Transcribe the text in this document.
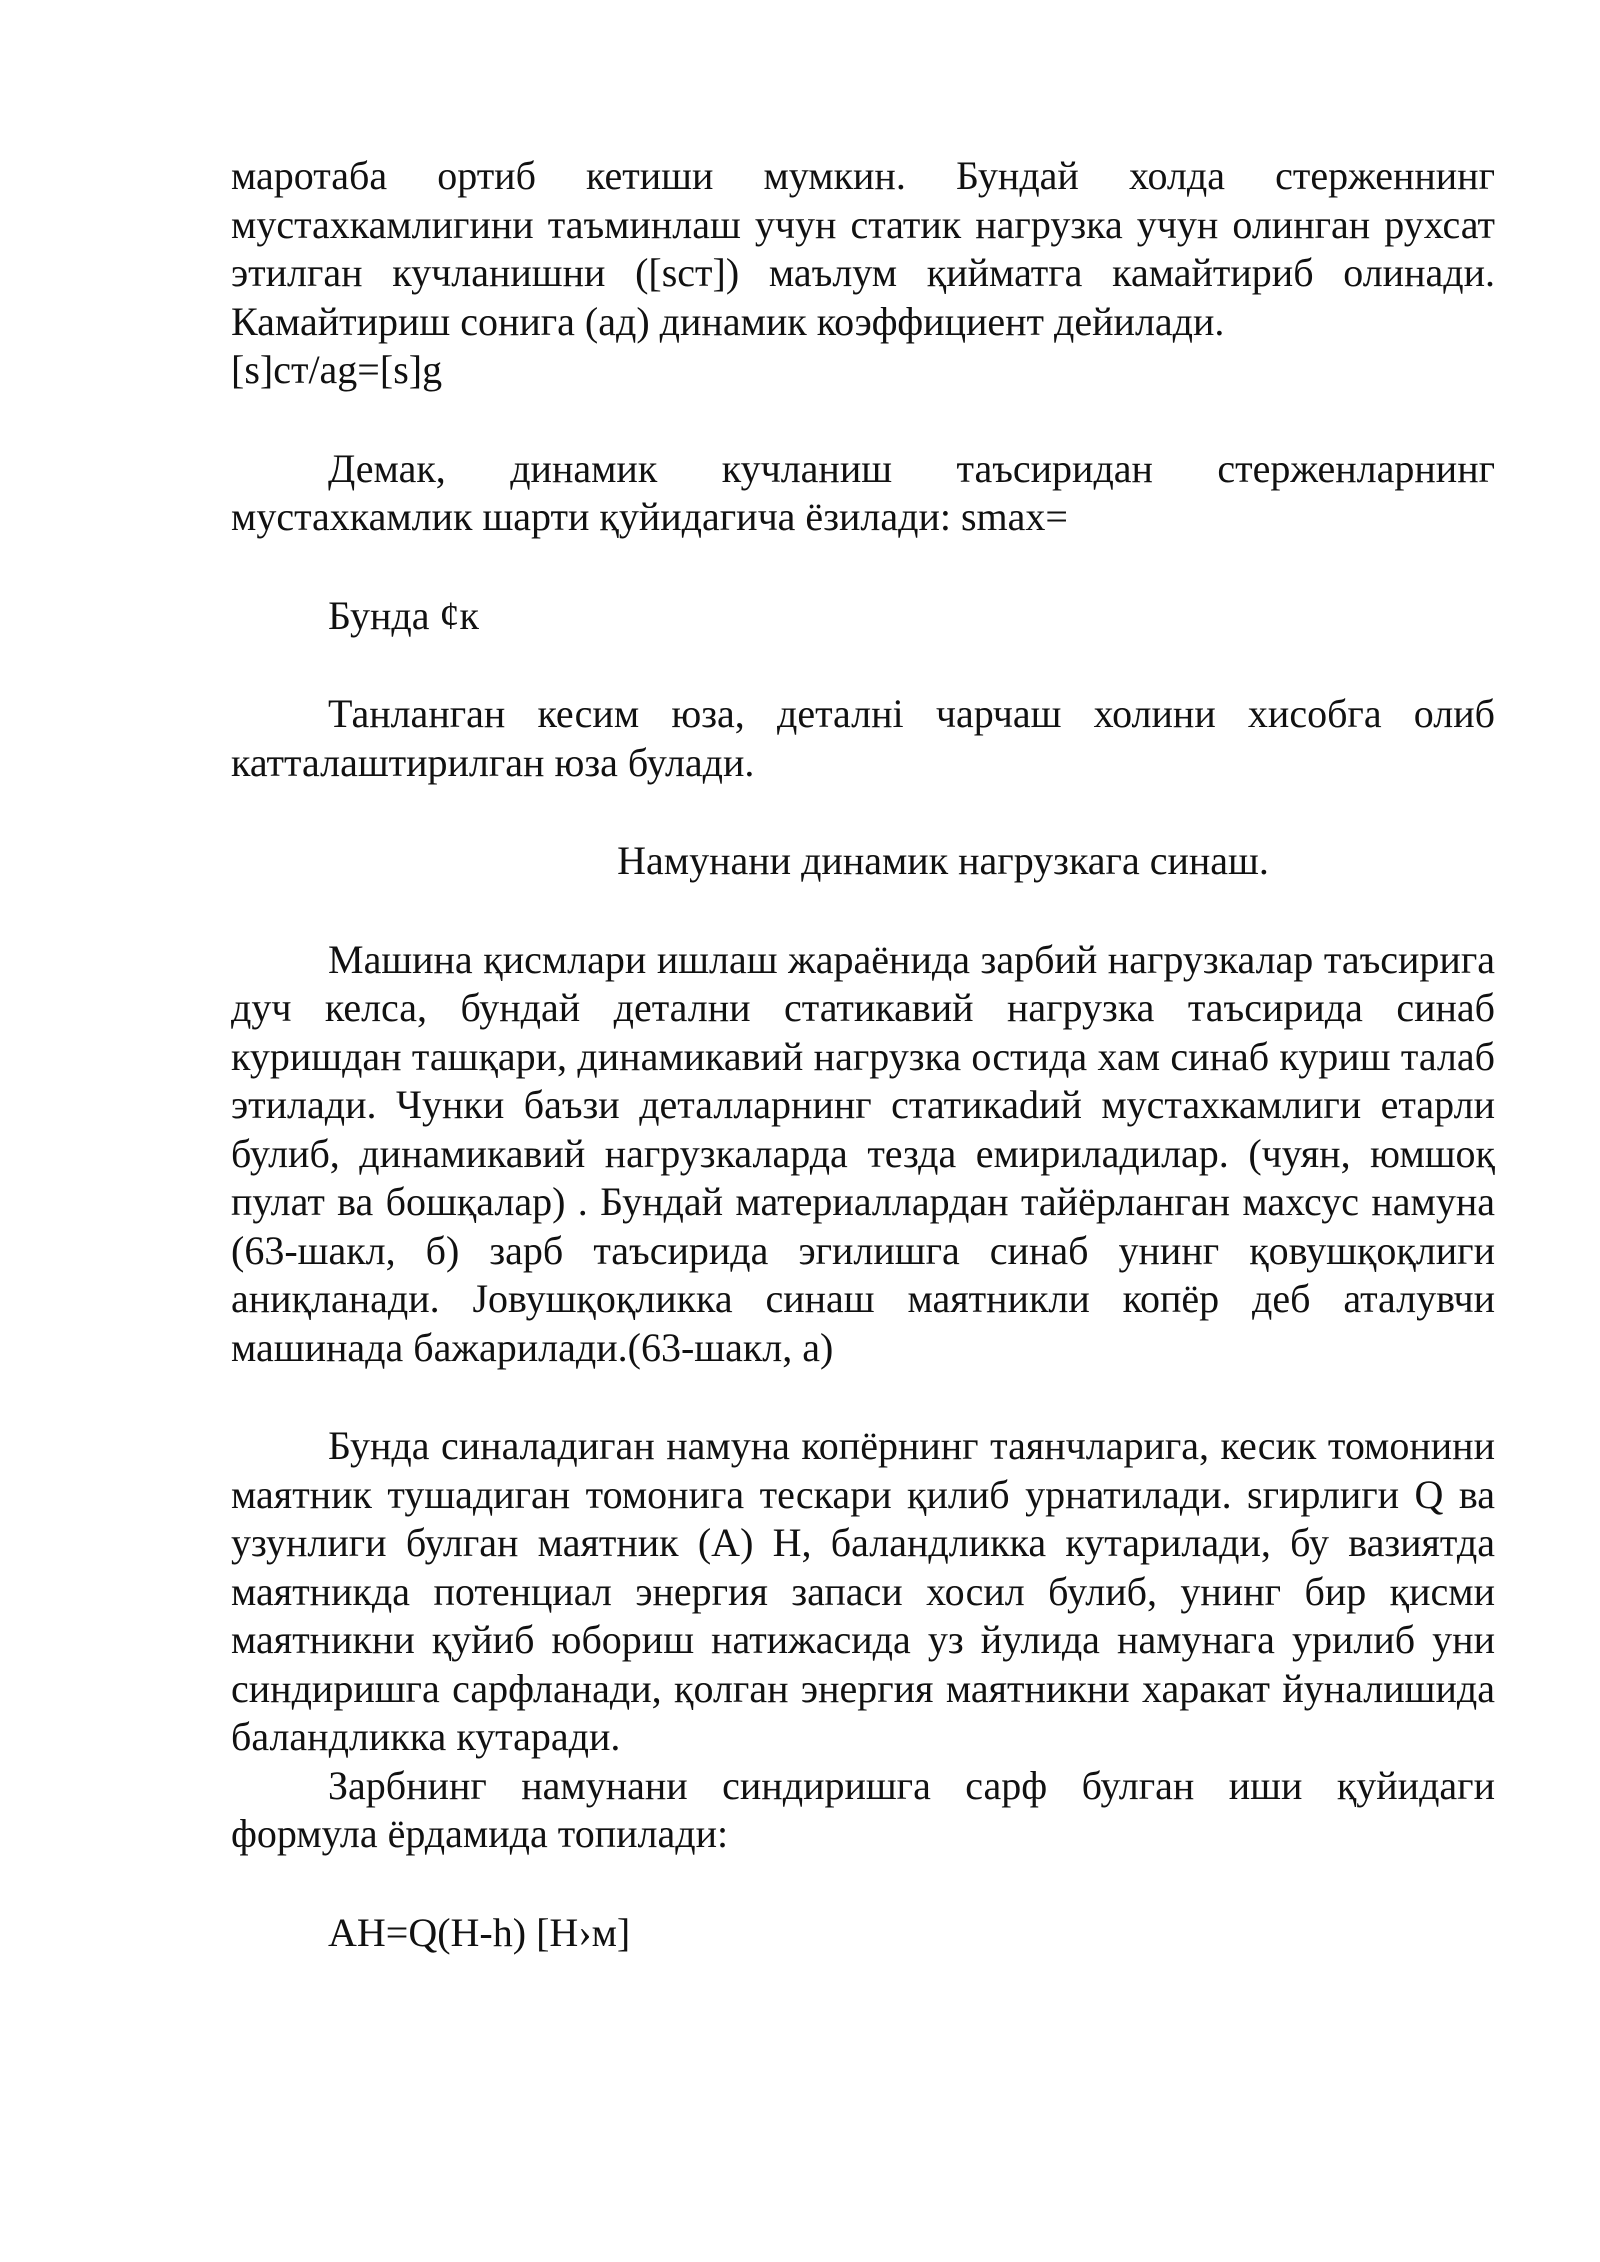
маротаба ортиб кетиши мумкин. Бундай холда стерженнинг мустахкамлигини таъминлаш учун статик нагрузка учун олинган рухсат этилган кучланишни ([sст]) маълум қийматга камайтириб олинади. Камайтириш сонига (ад) динамик коэффициент дейилади.

[s]ст/ag=[s]g

Демак, динамик кучланиш таъсиридан стерженларнинг мустахкамлик шарти қуйидагича ёзилади: smax=

Бунда ¢к

Танланган кесим юза, деталнi чарчаш холини хисобга олиб катталаштирилган юза булади.

Намунани динамик нагрузкага синаш.

Машина қисмлари ишлаш жараёнида зарбий нагрузкалар таъсирига дуч келса, бундай детални статикавий нагрузка таъсирида синаб куришдан ташқари, динамикавий нагрузка остида хам синаб куриш талаб этилади. Чунки баъзи деталларнинг статикаdий мустахкамлиги етарли булиб, динамикавий нагрузкаларда тезда емириладилар. (чуян, юмшоқ пулат ва бошқалар) . Бундай материаллардан тайёрланган махсус намуна (63-шакл, б) зарб таъсирида эгилишга синаб унинг қовушқоқлиги аниқланади. Јовушқоқликка синаш маятникли копёр деб аталувчи машинада бажарилади.(63-шакл, а)

Бунда синаладиган намуна копёрнинг таянчларига, кесик томонини маятник тушадиган томонига тескари қилиб урнатилади. sгирлиги Q ва узунлиги булган маятник (А) Н, баландликка кутарилади, бу вазиятда маятникда потенциал энергия запаси хосил булиб, унинг бир қисми маятникни қуйиб юбориш натижасида уз йулида намунага урилиб уни синдиришга сарфланади, қолган энергия маятникни харакат йуналишида баландликка кутаради.

Зарбнинг намунани синдиришга сарф булган иши қуйидаги формула ёрдамида топилади:

АН=Q(H-h) [Н›м]
